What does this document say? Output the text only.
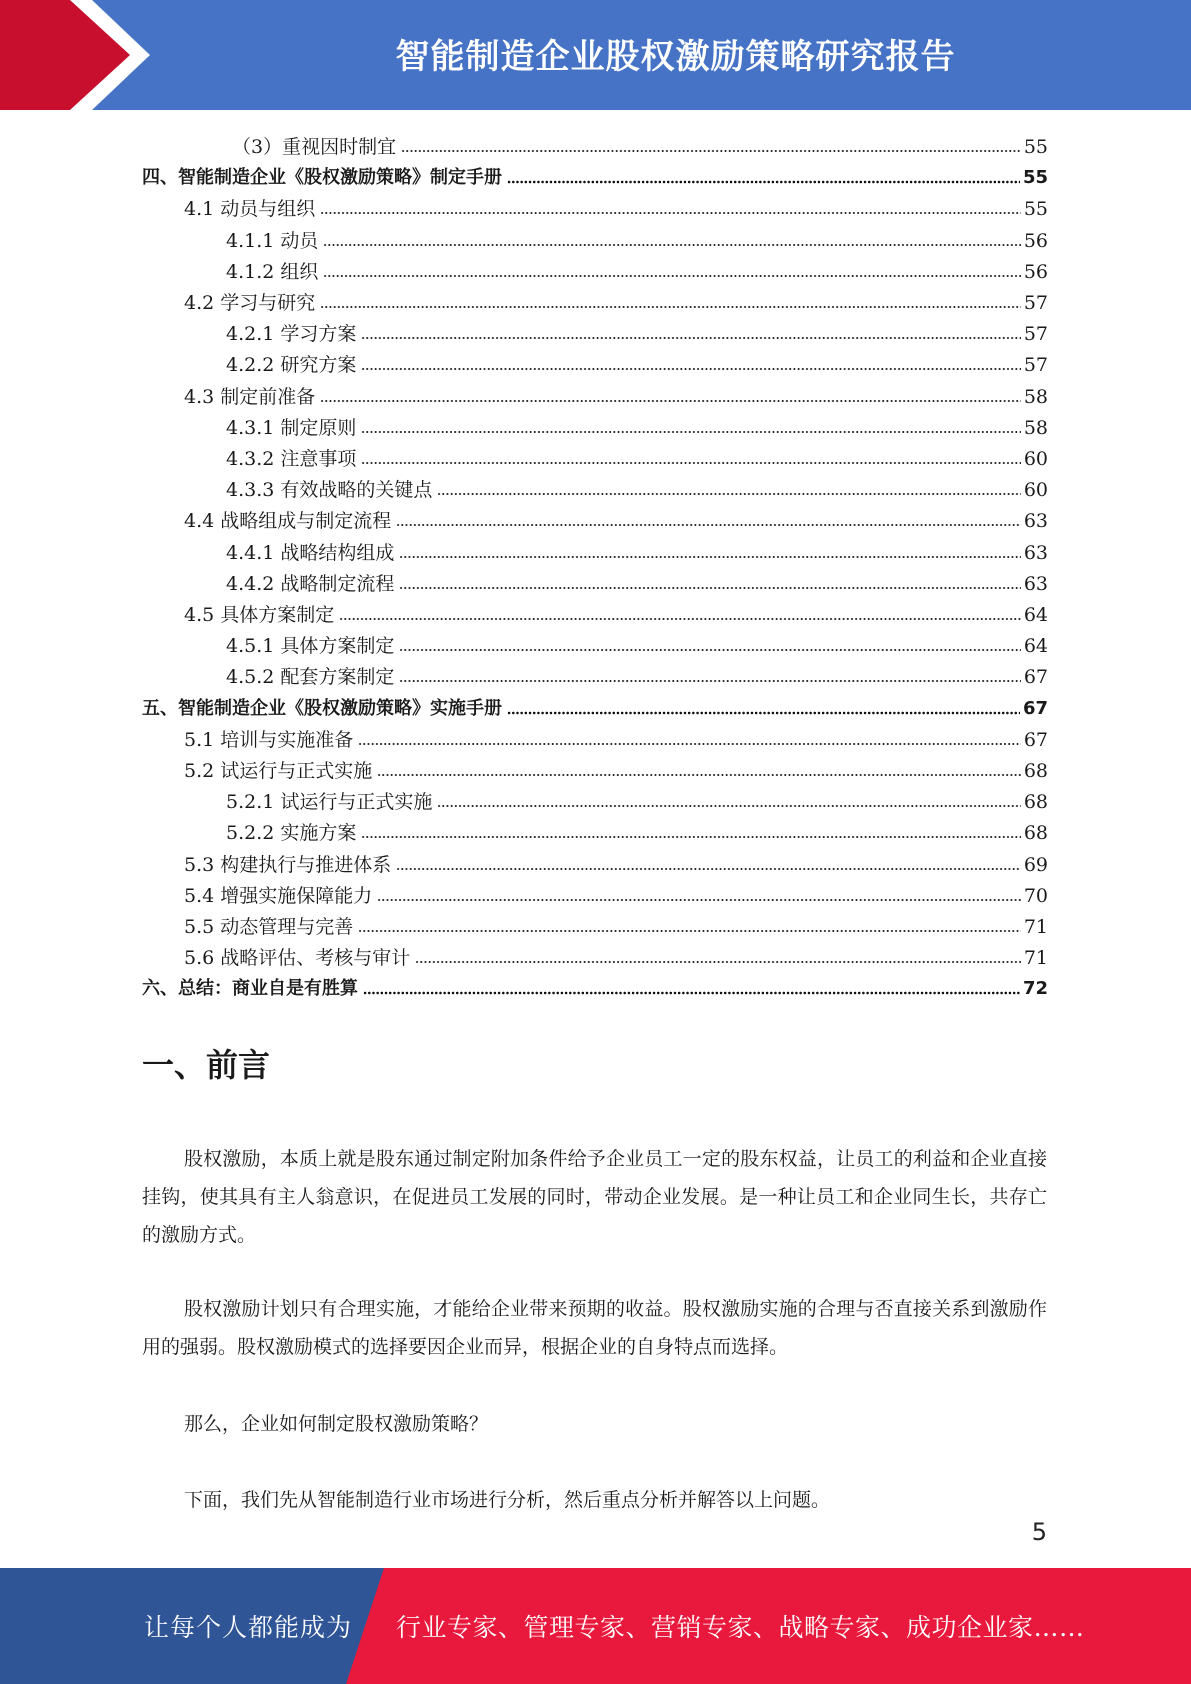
智能制造企业股权激励策略研究报告
（3）重视因时制宜	55
四、智能制造企业《股权激励策略》制定手册	55
4.1 动员与组织	55
4.1.1 动员	56
4.1.2 组织	56
4.2 学习与研究	57
4.2.1 学习方案	57
4.2.2 研究方案	57
4.3 制定前准备	58
4.3.1 制定原则	58
4.3.2 注意事项	60
4.3.3 有效战略的关键点	60
4.4 战略组成与制定流程	63
4.4.1 战略结构组成	63
4.4.2 战略制定流程	63
4.5 具体方案制定	64
4.5.1 具体方案制定	64
4.5.2 配套方案制定	67
五、智能制造企业《股权激励策略》实施手册	67
5.1 培训与实施准备	67
5.2 试运行与正式实施	68
5.2.1 试运行与正式实施	68
5.2.2 实施方案	68
5.3 构建执行与推进体系	69
5.4 增强实施保障能力	70
5.5 动态管理与完善	71
5.6 战略评估、考核与审计	71
六、总结：商业自是有胜算	72
一、前言

股权激励，本质上就是股东通过制定附加条件给予企业员工一定的股东权益，让员工的利益和企业直接挂钩，使其具有主人翁意识，在促进员工发展的同时，带动企业发展。是一种让员工和企业同生长，共存亡的激励方式。

股权激励计划只有合理实施，才能给企业带来预期的收益。股权激励实施的合理与否直接关系到激励作用的强弱。股权激励模式的选择要因企业而异，根据企业的自身特点而选择。

那么，企业如何制定股权激励策略？

下面，我们先从智能制造行业市场进行分析，然后重点分析并解答以上问题。

5
让每个人都能成为 行业专家、管理专家、营销专家、战略专家、成功企业家……
